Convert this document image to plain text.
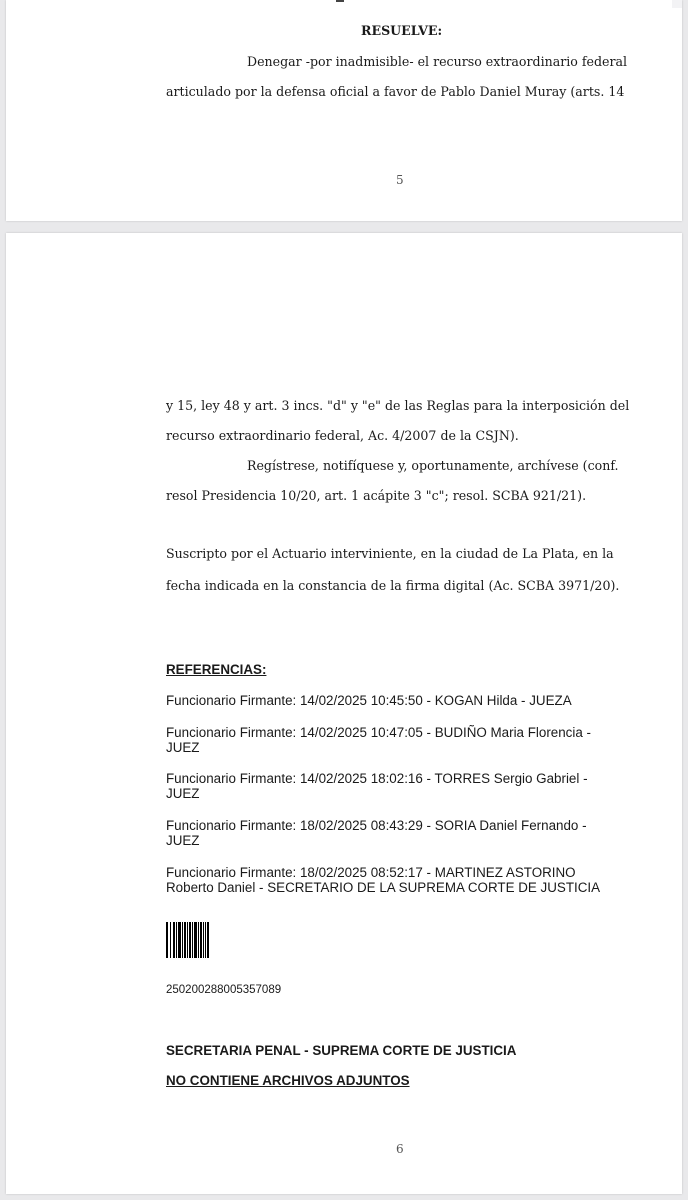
RESUELVE:
Denegar -por inadmisible- el recurso extraordinario federal
articulado por la defensa oficial a favor de Pablo Daniel Muray (arts. 14
5
y 15, ley 48 y art. 3 incs. "d" y "e" de las Reglas para la interposición del
recurso extraordinario federal, Ac. 4/2007 de la CSJN).
Regístrese, notifíquese y, oportunamente, archívese (conf.
resol Presidencia 10/20, art. 1 acápite 3 "c"; resol. SCBA 921/21).
Suscripto por el Actuario interviniente, en la ciudad de La Plata, en la
fecha indicada en la constancia de la firma digital (Ac. SCBA 3971/20).
REFERENCIAS:
Funcionario Firmante: 14/02/2025 10:45:50 - KOGAN Hilda - JUEZA
Funcionario Firmante: 14/02/2025 10:47:05 - BUDIÑO Maria Florencia -
JUEZ
Funcionario Firmante: 14/02/2025 18:02:16 - TORRES Sergio Gabriel -
JUEZ
Funcionario Firmante: 18/02/2025 08:43:29 - SORIA Daniel Fernando -
JUEZ
Funcionario Firmante: 18/02/2025 08:52:17 - MARTINEZ ASTORINO
Roberto Daniel - SECRETARIO DE LA SUPREMA CORTE DE JUSTICIA
250200288005357089
SECRETARIA PENAL - SUPREMA CORTE DE JUSTICIA
NO CONTIENE ARCHIVOS ADJUNTOS
6
